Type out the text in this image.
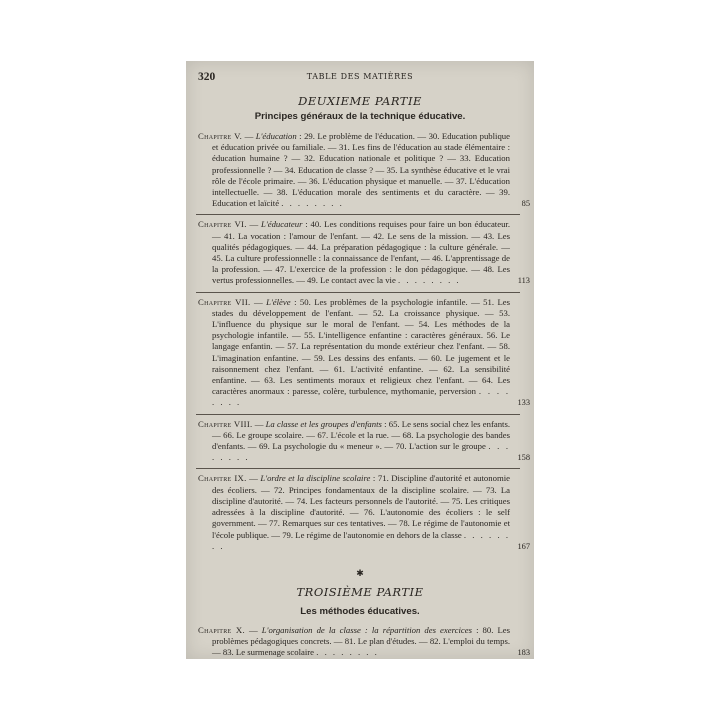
320	TABLE DES MATIÈRES
DEUXIEME PARTIE
Principes généraux de la technique éducative.
Chapitre V. — L'éducation : 29. Le problème de l'éducation. — 30. Education publique et éducation privée ou familiale. — 31. Les fins de l'éducation au stade élémentaire : éducation humaine ? — 32. Education nationale et politique ? — 33. Education professionnelle ? — 34. Education de classe ? — 35. La synthèse éducative et le vrai rôle de l'école primaire. — 36. L'éducation physique et manuelle. — 37. L'éducation intellectuelle. — 38. L'éducation morale des sentiments et du caractère. — 39. Education et laïcité . . . . . . . .	85
Chapitre VI. — L'éducateur : 40. Les conditions requises pour faire un bon éducateur. — 41. La vocation : l'amour de l'enfant. — 42. Le sens de la mission. — 43. Les qualités pédagogiques. — 44. La préparation pédagogique : la culture générale. — 45. La culture professionnelle : la connaissance de l'enfant, — 46. L'apprentissage de la profession. — 47. L'exercice de la profession : le don pédagogique. — 48. Les vertus professionnelles. — 49. Le contact avec la vie . . . . . . . .	113
Chapitre VII. — L'élève : 50. Les problèmes de la psychologie infantile. — 51. Les stades du développement de l'enfant. — 52. La croissance physique. — 53. L'influence du physique sur le moral de l'enfant. — 54. Les méthodes de la psychologie infantile. — 55. L'intelligence enfantine : caractères généraux. 56. Le langage enfantin. — 57. La représentation du monde extérieur chez l'enfant. — 58. L'imagination enfantine. — 59. Les dessins des enfants. — 60. Le jugement et le raisonnement chez l'enfant. — 61. L'activité enfantine. — 62. La sensibilité enfantine. — 63. Les sentiments moraux et religieux chez l'enfant. — 64. Les caractères anormaux : paresse, colère, turbulence, mythomanie, perversion . . . . . . . .	133
Chapitre VIII. — La classe et les groupes d'enfants : 65. Le sens social chez les enfants. — 66. Le groupe scolaire. — 67. L'école et la rue. — 68. La psychologie des bandes d'enfants. — 69. La psychologie du « meneur ». — 70. L'action sur le groupe . . . . . . . .	158
Chapitre IX. — L'ordre et la discipline scolaire : 71. Discipline d'autorité et autonomie des écoliers. — 72. Principes fondamentaux de la discipline scolaire. — 73. La discipline d'autorité. — 74. Les facteurs personnels de l'autorité. — 75. Les critiques adressées à la discipline d'autorité. — 76. L'autonomie des écoliers : le self government. — 77. Remarques sur ces tentatives. — 78. Le régime de l'autonomie et l'école publique. — 79. Le régime de l'autonomie en dehors de la classe . . . . . . . .	167
✱
TROISIÈME PARTIE
Les méthodes éducatives.
Chapitre X. — L'organisation de la classe : la répartition des exercices : 80. Les problèmes pédagogiques concrets. — 81. Le plan d'études. — 82. L'emploi du temps. — 83. Le surmenage scolaire . . . . . . . .	183
